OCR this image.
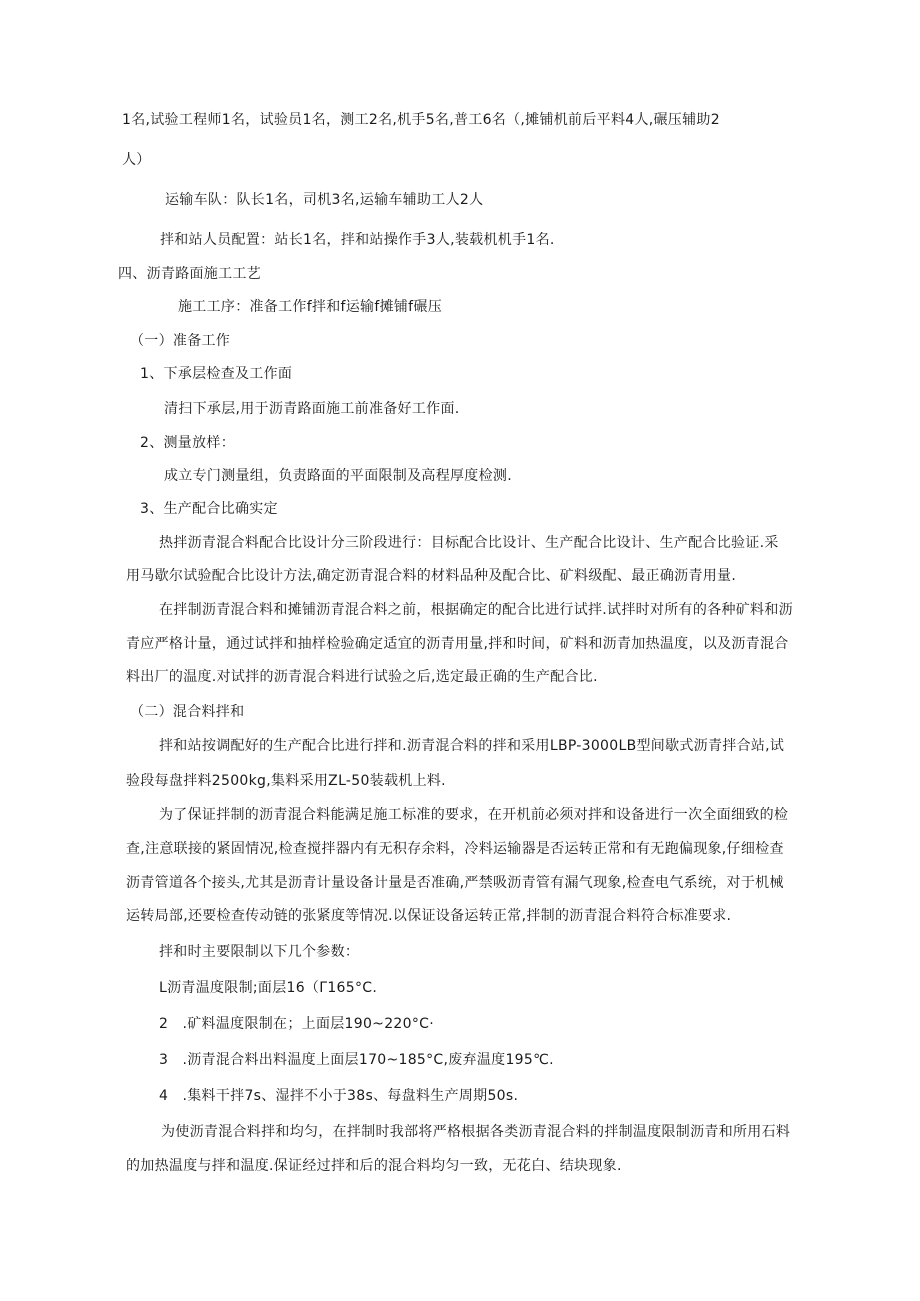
1名,试验工程师1名，试验员1名，测工2名,机手5名,普工6名（,摊铺机前后平料4人,碾压辅助2
人）
运输车队：队长1名，司机3名,运输车辅助工人2人
拌和站人员配置：站长1名，拌和站操作手3人,装载机机手1名.
四、沥青路面施工工艺
施工工序：准备工作f拌和f运输f摊铺f碾压
（一）准备工作
1、下承层检查及工作面
清扫下承层,用于沥青路面施工前准备好工作面.
2、测量放样：
成立专门测量组，负责路面的平面限制及高程厚度检测.
3、生产配合比确实定
热拌沥青混合料配合比设计分三阶段进行：目标配合比设计、生产配合比设计、生产配合比验证.采
用马歇尔试验配合比设计方法,确定沥青混合料的材料品种及配合比、矿料级配、最正确沥青用量.
在拌制沥青混合料和摊铺沥青混合料之前，根据确定的配合比进行试拌.试拌时对所有的各种矿料和沥
青应严格计量，通过试拌和抽样检验确定适宜的沥青用量,拌和时间，矿料和沥青加热温度，以及沥青混合
料出厂的温度.对试拌的沥青混合料进行试验之后,选定最正确的生产配合比.
（二）混合料拌和
拌和站按调配好的生产配合比进行拌和.沥青混合料的拌和采用LBP-3000LB型间歇式沥青拌合站,试
验段每盘拌料2500kg,集料采用ZL-50装载机上料.
为了保证拌制的沥青混合料能满足施工标准的要求，在开机前必须对拌和设备进行一次全面细致的检
查,注意联接的紧固情况,检查搅拌器内有无积存余料，冷料运输器是否运转正常和有无跑偏现象,仔细检查
沥青管道各个接头,尤其是沥青计量设备计量是否准确,严禁吸沥青管有漏气现象,检查电气系统，对于机械
运转局部,还要检查传动链的张紧度等情况.以保证设备运转正常,拌制的沥青混合料符合标准要求.
拌和时主要限制以下几个参数：
L沥青温度限制;面层16（Γ165°C.
2　.矿料温度限制在；上面层190~220°C·
3　.沥青混合料出料温度上面层170~185°C,废弃温度195℃.
4　.集料干拌7s、湿拌不小于38s、每盘料生产周期50s.
为使沥青混合料拌和均匀，在拌制时我部将严格根据各类沥青混合料的拌制温度限制沥青和所用石料
的加热温度与拌和温度.保证经过拌和后的混合料均匀一致，无花白、结块现象.
